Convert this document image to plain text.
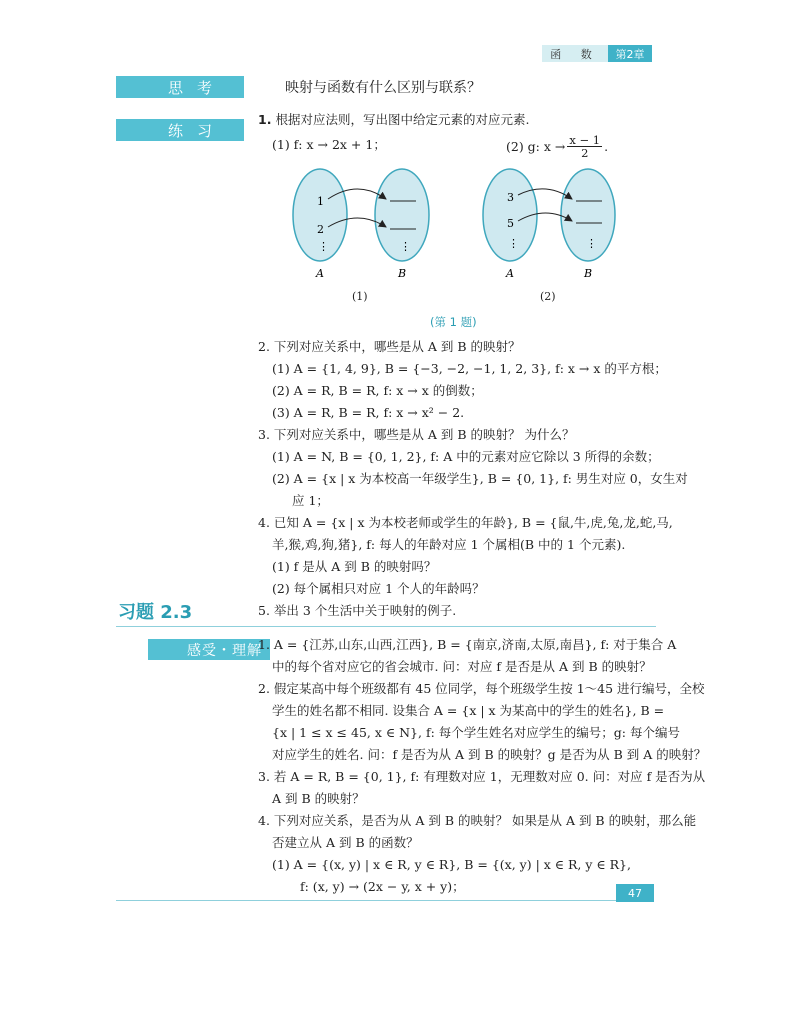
函 数	第2章
思考	映射与函数有什么区别与联系？
练习
1. 根据对应法则，写出图中给定元素的对应元素.
(1) f: x → 2x + 1；	(2) g: $x \to \frac{x - 1}{2}$ .
1
2
⋮	⋮
A	B
(1)
3
5
⋮	⋮
A	B
(2)
(第 1 题)
2. 下列对应关系中，哪些是从 A 到 B 的映射？
(1) A = {1, 4, 9}, B = {−3, −2, −1, 1, 2, 3}, f: x → x 的平方根；
(2) A = R, B = R, f: x → x 的倒数；
(3) A = R, B = R, f: x → x² − 2.
3. 下列对应关系中，哪些是从 A 到 B 的映射？ 为什么？
(1) A = N, B = {0, 1, 2}, f: A 中的元素对应它除以 3 所得的余数；
(2) A = {x | x 为本校高一年级学生}, B = {0, 1}, f: 男生对应 0，女生对
应 1；
4. 已知 A = {x | x 为本校老师或学生的年龄}, B = {鼠,牛,虎,兔,龙,蛇,马,
羊,猴,鸡,狗,猪}, f: 每人的年龄对应 1 个属相(B 中的 1 个元素).
(1) f 是从 A 到 B 的映射吗？
(2) 每个属相只对应 1 个人的年龄吗？
5. 举出 3 个生活中关于映射的例子.
习题 2.3
感受・理解
1. A = {江苏,山东,山西,江西}, B = {南京,济南,太原,南昌}, f: 对于集合 A
中的每个省对应它的省会城市. 问：对应 f 是否是从 A 到 B 的映射？
2. 假定某高中每个班级都有 45 位同学，每个班级学生按 1～45 进行编号，全校
学生的姓名都不相同. 设集合 A = {x | x 为某高中的学生的姓名}, B =
{x | 1 ≤ x ≤ 45, x ∈ N}, f: 每个学生姓名对应学生的编号；g: 每个编号
对应学生的姓名. 问：f 是否为从 A 到 B 的映射？g 是否为从 B 到 A 的映射？
3. 若 A = R, B = {0, 1}, f: 有理数对应 1，无理数对应 0. 问：对应 f 是否为从
A 到 B 的映射？
4. 下列对应关系，是否为从 A 到 B 的映射？ 如果是从 A 到 B 的映射，那么能
否建立从 A 到 B 的函数？
(1) A = {(x, y) | x ∈ R, y ∈ R}, B = {(x, y) | x ∈ R, y ∈ R},
f: (x, y) → (2x − y, x + y)；	47
